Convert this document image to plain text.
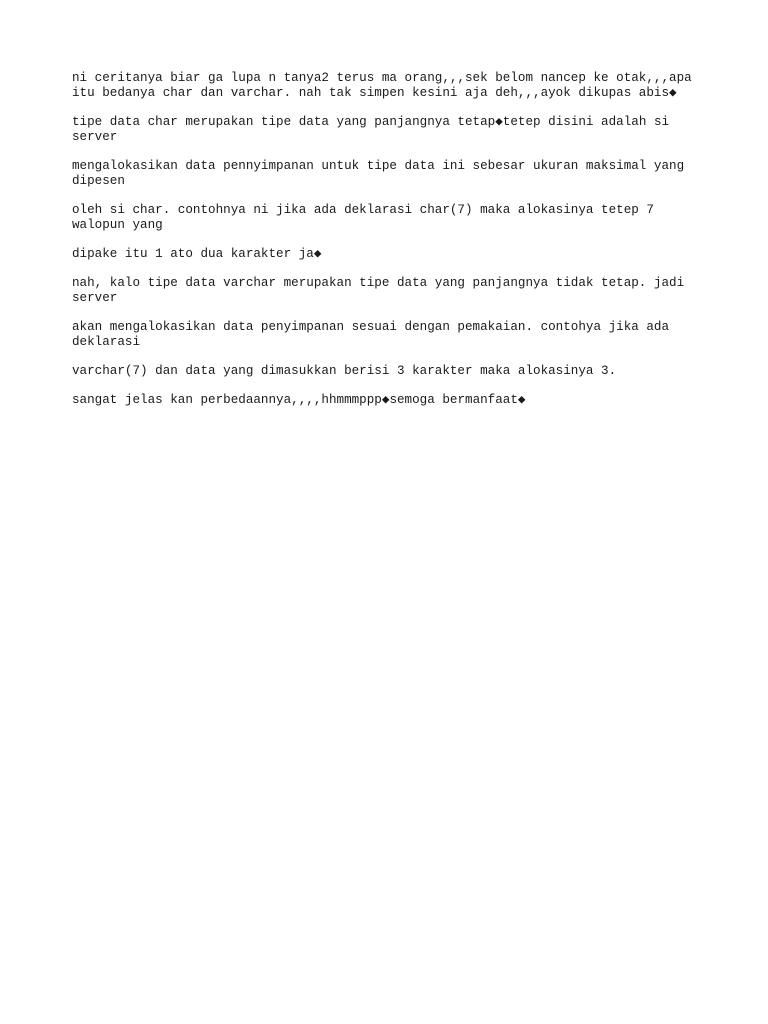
ni ceritanya biar ga lupa n tanya2 terus ma orang,,,sek belom nancep ke otak,,,apa itu bedanya char dan varchar. nah tak simpen kesini aja deh,,,ayok dikupas abis◆

tipe data char merupakan tipe data yang panjangnya tetap◆tetep disini adalah si server

mengalokasikan data pennyimpanan untuk tipe data ini sebesar ukuran maksimal yang dipesen

oleh si char. contohnya ni jika ada deklarasi char(7) maka alokasinya tetep 7 walopun yang

dipake itu 1 ato dua karakter ja◆

nah, kalo tipe data varchar merupakan tipe data yang panjangnya tidak tetap. jadi server

akan mengalokasikan data penyimpanan sesuai dengan pemakaian. contohya jika ada deklarasi

varchar(7) dan data yang dimasukkan berisi 3 karakter maka alokasinya 3.

sangat jelas kan perbedaannya,,,,hhmmmppp◆semoga bermanfaat◆
